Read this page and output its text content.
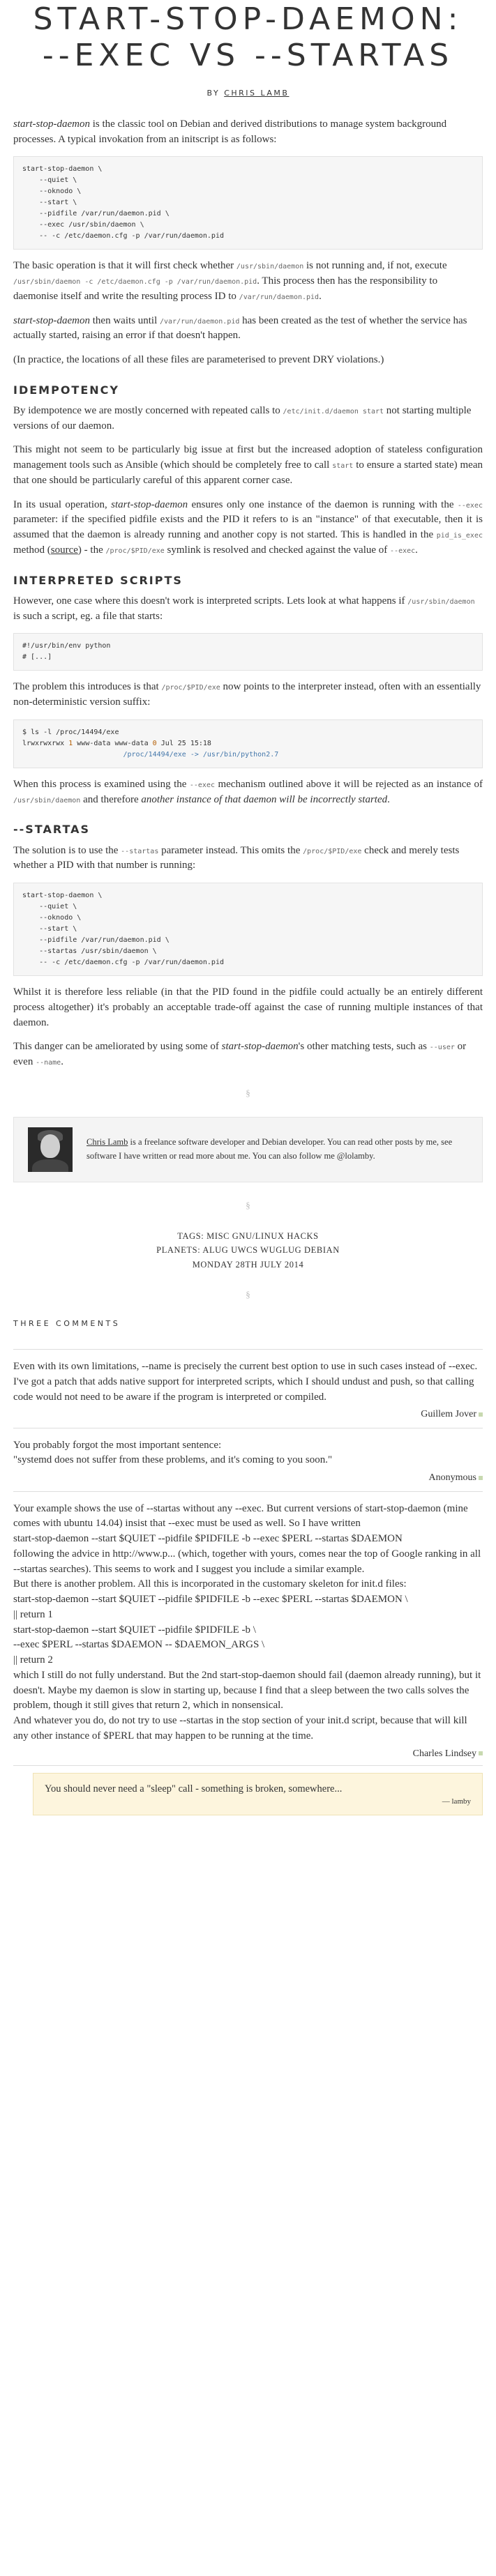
START-STOP-DAEMON:
--EXEC VS --STARTAS
BY CHRIS LAMB

start-stop-daemon is the classic tool on Debian and derived distributions to manage system background processes. A typical invokation from an initscript is as follows:

start-stop-daemon \
--quiet \
--oknodo \
--start \
--pidfile /var/run/daemon.pid \
--exec /usr/sbin/daemon \
-- -c /etc/daemon.cfg -p /var/run/daemon.pid

The basic operation is that it will first check whether /usr/sbin/daemon is not running and, if not, execute /usr/sbin/daemon -c /etc/daemon.cfg -p /var/run/daemon.pid. This process then has the responsibility to daemonise itself and write the resulting process ID to /var/run/daemon.pid.

start-stop-daemon then waits until /var/run/daemon.pid has been created as the test of whether the service has actually started, raising an error if that doesn't happen.

(In practice, the locations of all these files are parameterised to prevent DRY violations.)

IDEMPOTENCY

By idempotence we are mostly concerned with repeated calls to /etc/init.d/daemon start not starting multiple versions of our daemon.

This might not seem to be particularly big issue at first but the increased adoption of stateless configuration management tools such as Ansible (which should be completely free to call start to ensure a started state) mean that one should be particularly careful of this apparent corner case.

In its usual operation, start-stop-daemon ensures only one instance of the daemon is running with the --exec parameter: if the specified pidfile exists and the PID it refers to is an "instance" of that executable, then it is assumed that the daemon is already running and another copy is not started. This is handled in the pid_is_exec method (source) - the /proc/$PID/exe symlink is resolved and checked against the value of --exec.

INTERPRETED SCRIPTS

However, one case where this doesn't work is interpreted scripts. Lets look at what happens if /usr/sbin/daemon is such a script, eg. a file that starts:

#!/usr/bin/env python
# [...]

The problem this introduces is that /proc/$PID/exe now points to the interpreter instead, often with an essentially non-deterministic version suffix:

$ ls -l /proc/14494/exe
lrwxrwxrwx 1 www-data www-data 0 Jul 25 15:18
/proc/14494/exe -> /usr/bin/python2.7

When this process is examined using the --exec mechanism outlined above it will be rejected as an instance of /usr/sbin/daemon and therefore another instance of that daemon will be incorrectly started.

--STARTAS

The solution is to use the --startas parameter instead. This omits the /proc/$PID/exe check and merely tests whether a PID with that number is running:

start-stop-daemon \
--quiet \
--oknodo \
--start \
--pidfile /var/run/daemon.pid \
--startas /usr/sbin/daemon \
-- -c /etc/daemon.cfg -p /var/run/daemon.pid

Whilst it is therefore less reliable (in that the PID found in the pidfile could actually be an entirely different process altogether) it's probably an acceptable trade-off against the case of running multiple instances of that daemon.

This danger can be ameliorated by using some of start-stop-daemon's other matching tests, such as --user or even --name.

§
Chris Lamb is a freelance software developer and Debian developer. You can read other posts by me, see software I have written or read more about me. You can also follow me @lolamby.
§
TAGS: MISC GNU/LINUX HACKS
PLANETS: ALUG UWCS WUGLUG DEBIAN
MONDAY 28TH JULY 2014
§
THREE COMMENTS

Even with its own limitations, --name is precisely the current best option to use in such cases instead of --exec. I've got a patch that adds native support for interpreted scripts, which I should undust and push, so that calling code would not need to be aware if the program is interpreted or compiled.

Guillem Jover

You probably forgot the most important sentence:
"systemd does not suffer from these problems, and it's coming to you soon."

Anonymous

Your example shows the use of --startas without any --exec. But current versions of start-stop-daemon (mine comes with ubuntu 14.04) insist that --exec must be used as well. So I have written
start-stop-daemon --start $QUIET --pidfile $PIDFILE -b --exec $PERL --startas $DAEMON
following the advice in http://www.p... (which, together with yours, comes near the top of Google ranking in all --startas searches). This seems to work and I suggest you include a similar example.
But there is another problem. All this is incorporated in the customary skeleton for init.d files:
start-stop-daemon --start $QUIET --pidfile $PIDFILE -b --exec $PERL --startas $DAEMON \
|| return 1
start-stop-daemon --start $QUIET --pidfile $PIDFILE -b \
--exec $PERL --startas $DAEMON -- $DAEMON_ARGS \
|| return 2
which I still do not fully understand. But the 2nd start-stop-daemon should fail (daemon already running), but it doesn't. Maybe my daemon is slow in starting up, because I find that a sleep between the two calls solves the problem, though it still gives that return 2, which in nonsensical.
And whatever you do, do not try to use --startas in the stop section of your init.d script, because that will kill any other instance of $PERL that may happen to be running at the time.

Charles Lindsey
You should never need a "sleep" call - something is broken, somewhere...
— lamby
